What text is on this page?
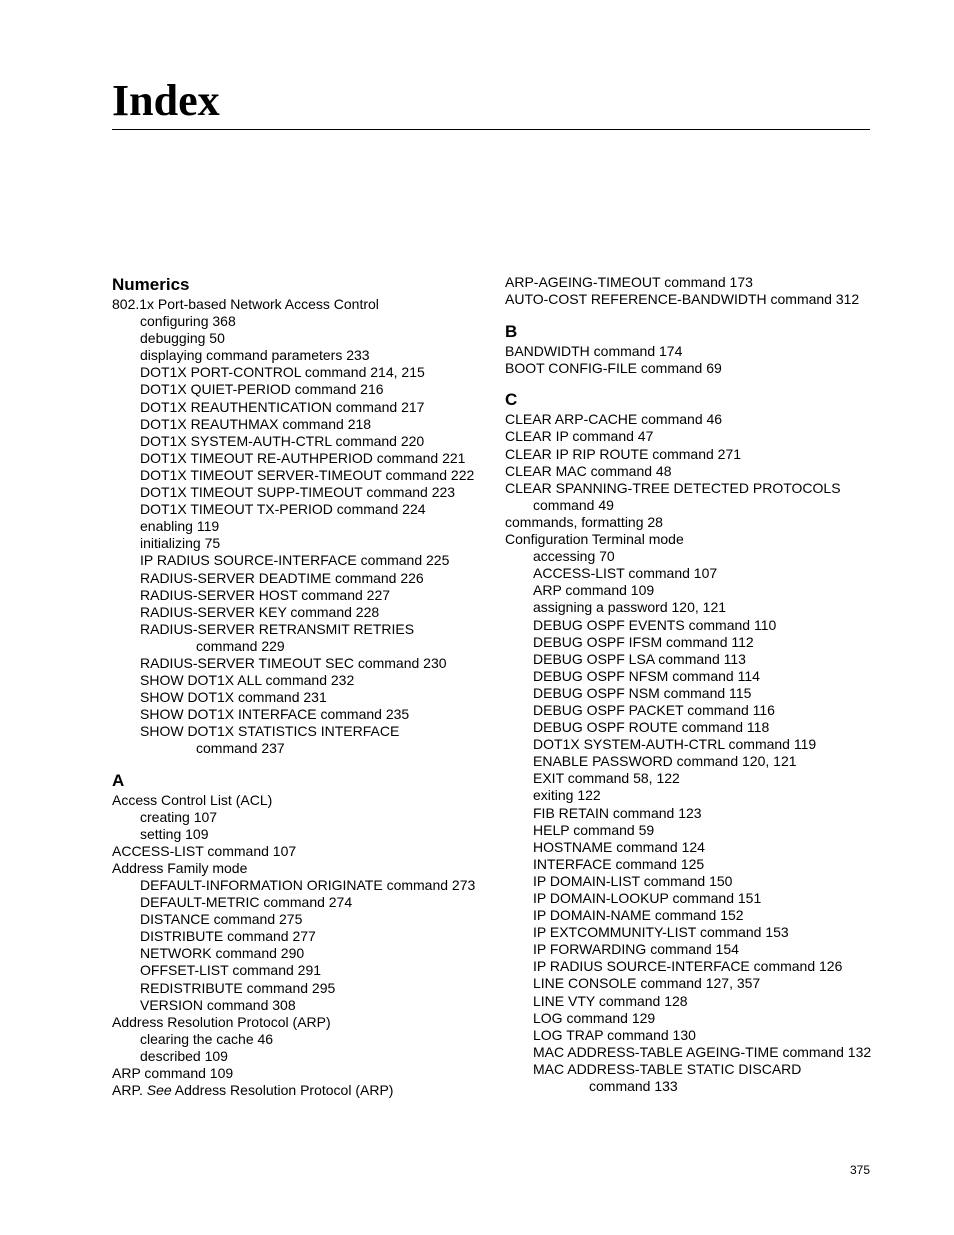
Index
Numerics
802.1x Port-based Network Access Control
configuring 368
debugging 50
displaying command parameters 233
DOT1X PORT-CONTROL command 214, 215
DOT1X QUIET-PERIOD command 216
DOT1X REAUTHENTICATION command 217
DOT1X REAUTHMAX command 218
DOT1X SYSTEM-AUTH-CTRL command 220
DOT1X TIMEOUT RE-AUTHPERIOD command 221
DOT1X TIMEOUT SERVER-TIMEOUT command 222
DOT1X TIMEOUT SUPP-TIMEOUT command 223
DOT1X TIMEOUT TX-PERIOD command 224
enabling 119
initializing 75
IP RADIUS SOURCE-INTERFACE command 225
RADIUS-SERVER DEADTIME command 226
RADIUS-SERVER HOST command 227
RADIUS-SERVER KEY command 228
RADIUS-SERVER RETRANSMIT RETRIES
command 229
RADIUS-SERVER TIMEOUT SEC command 230
SHOW DOT1X ALL command 232
SHOW DOT1X command 231
SHOW DOT1X INTERFACE command 235
SHOW DOT1X STATISTICS INTERFACE
command 237
A
Access Control List (ACL)
creating 107
setting 109
ACCESS-LIST command 107
Address Family mode
DEFAULT-INFORMATION ORIGINATE command 273
DEFAULT-METRIC command 274
DISTANCE command 275
DISTRIBUTE command 277
NETWORK command 290
OFFSET-LIST command 291
REDISTRIBUTE command 295
VERSION command 308
Address Resolution Protocol (ARP)
clearing the cache 46
described 109
ARP command 109
ARP. See Address Resolution Protocol (ARP)
ARP-AGEING-TIMEOUT command 173
AUTO-COST REFERENCE-BANDWIDTH command 312
B
BANDWIDTH command 174
BOOT CONFIG-FILE command 69
C
CLEAR ARP-CACHE command 46
CLEAR IP command 47
CLEAR IP RIP ROUTE command 271
CLEAR MAC command 48
CLEAR SPANNING-TREE DETECTED PROTOCOLS
command 49
commands, formatting 28
Configuration Terminal mode
accessing 70
ACCESS-LIST command 107
ARP command 109
assigning a password 120, 121
DEBUG OSPF EVENTS command 110
DEBUG OSPF IFSM command 112
DEBUG OSPF LSA command 113
DEBUG OSPF NFSM command 114
DEBUG OSPF NSM command 115
DEBUG OSPF PACKET command 116
DEBUG OSPF ROUTE command 118
DOT1X SYSTEM-AUTH-CTRL command 119
ENABLE PASSWORD command 120, 121
EXIT command 58, 122
exiting 122
FIB RETAIN command 123
HELP command 59
HOSTNAME command 124
INTERFACE command 125
IP DOMAIN-LIST command 150
IP DOMAIN-LOOKUP command 151
IP DOMAIN-NAME command 152
IP EXTCOMMUNITY-LIST command 153
IP FORWARDING command 154
IP RADIUS SOURCE-INTERFACE command 126
LINE CONSOLE command 127, 357
LINE VTY command 128
LOG command 129
LOG TRAP command 130
MAC ADDRESS-TABLE AGEING-TIME command 132
MAC ADDRESS-TABLE STATIC DISCARD
command 133
375
